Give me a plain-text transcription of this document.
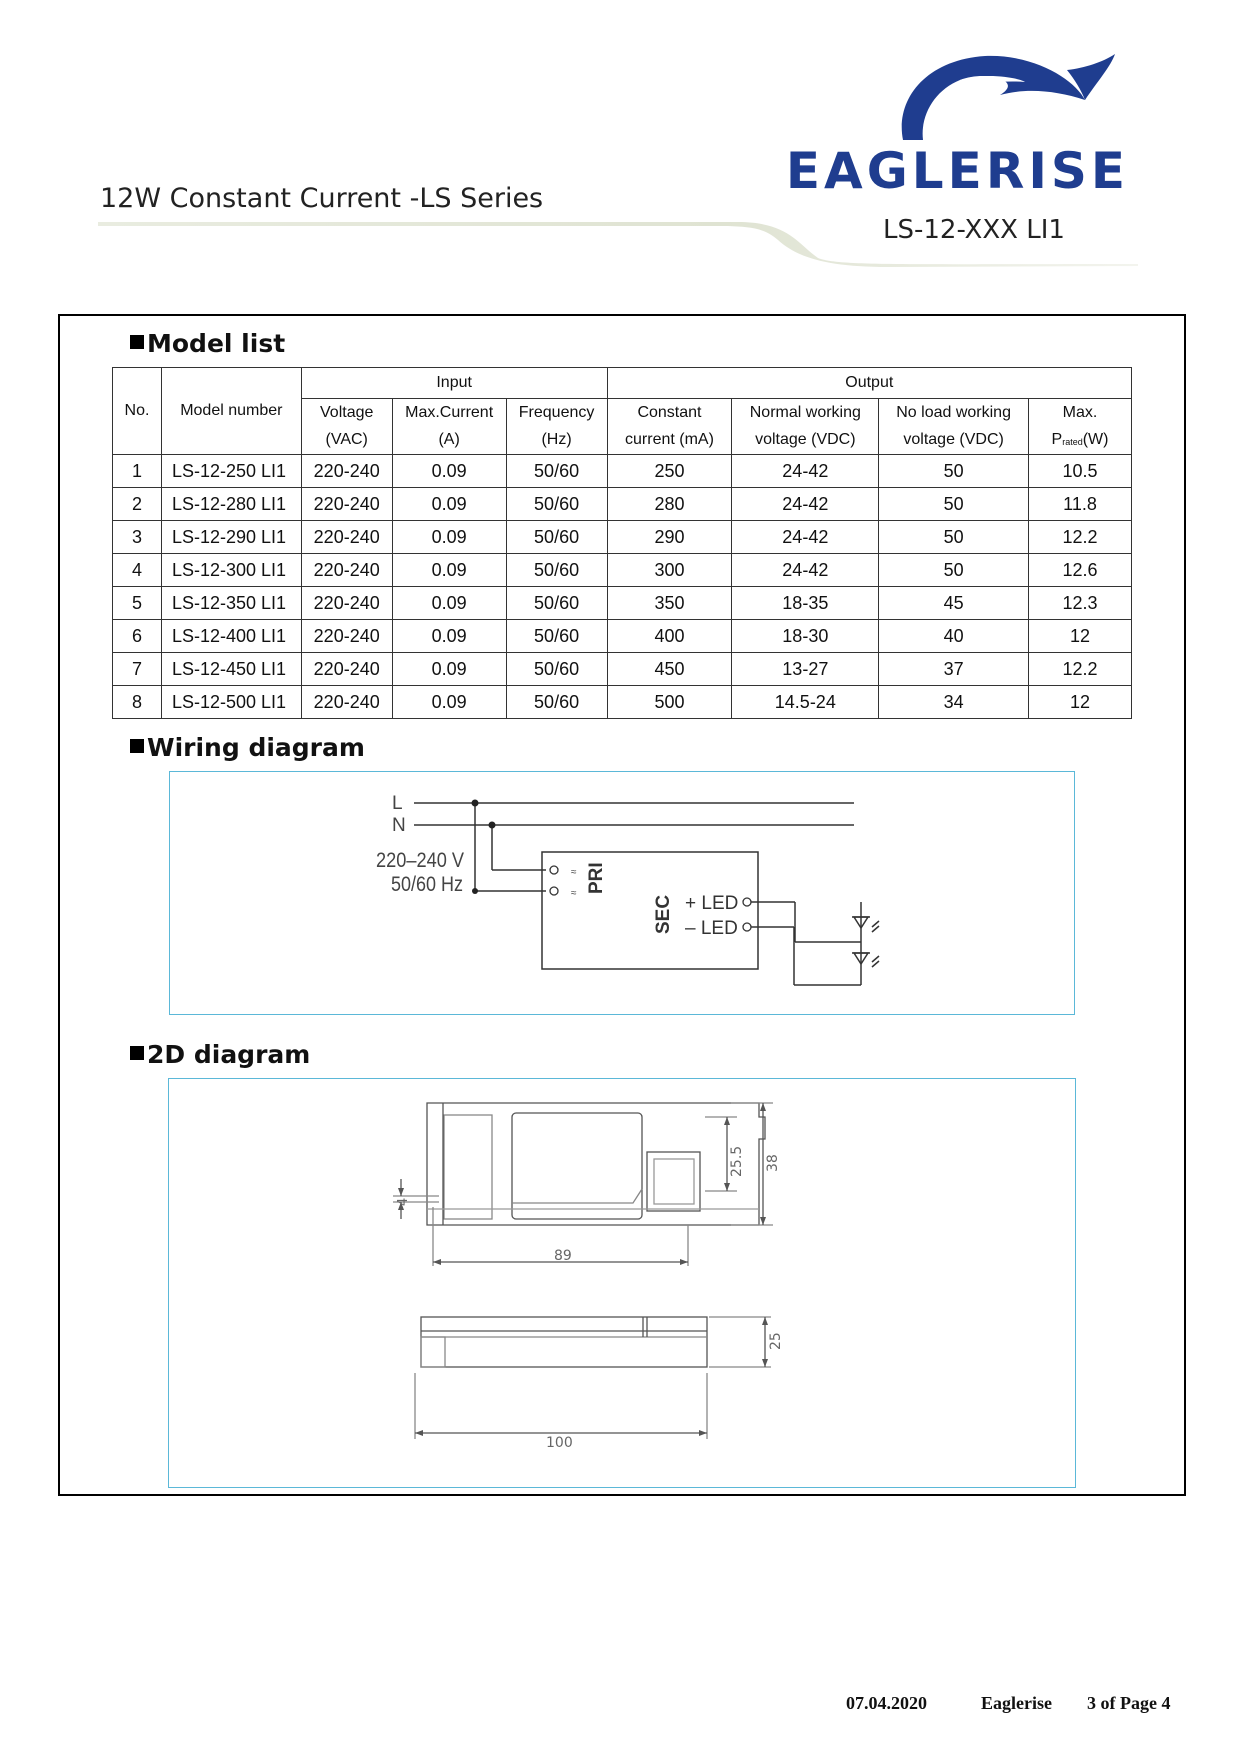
EAGLERISE
12W Constant Current -LS Series
LS-12-XXX LI1
Model list
No.	Model number	Input			Output			
		Voltage	Max.Current	Frequency	Constant	Normal working	No load working	Max.
		(VAC)	(A)	(Hz)	current (mA)	voltage (VDC)	voltage (VDC)	$P_{rated}(W)$
1	LS-12-250 LI1	220-240	0.09	50/60	250	24-42	50	10.5
2	LS-12-280 LI1	220-240	0.09	50/60	280	24-42	50	11.8
3	LS-12-290 LI1	220-240	0.09	50/60	290	24-42	50	12.2
4	LS-12-300 LI1	220-240	0.09	50/60	300	24-42	50	12.6
5	LS-12-350 LI1	220-240	0.09	50/60	350	18-35	45	12.3
6	LS-12-400 LI1	220-240	0.09	50/60	400	18-30	40	12
7	LS-12-450 LI1	220-240	0.09	50/60	450	13-27	37	12.2
8	LS-12-500 LI1	220-240	0.09	50/60	500	14.5-24	34	12
Wiring diagram
≈
≈
L
N
220–240 V
50/60 Hz	PRI
SEC + LED
– LED
2D diagram
25.5 38
4
89
25
100
07.04.2020	Eaglerise 3 of Page 4
